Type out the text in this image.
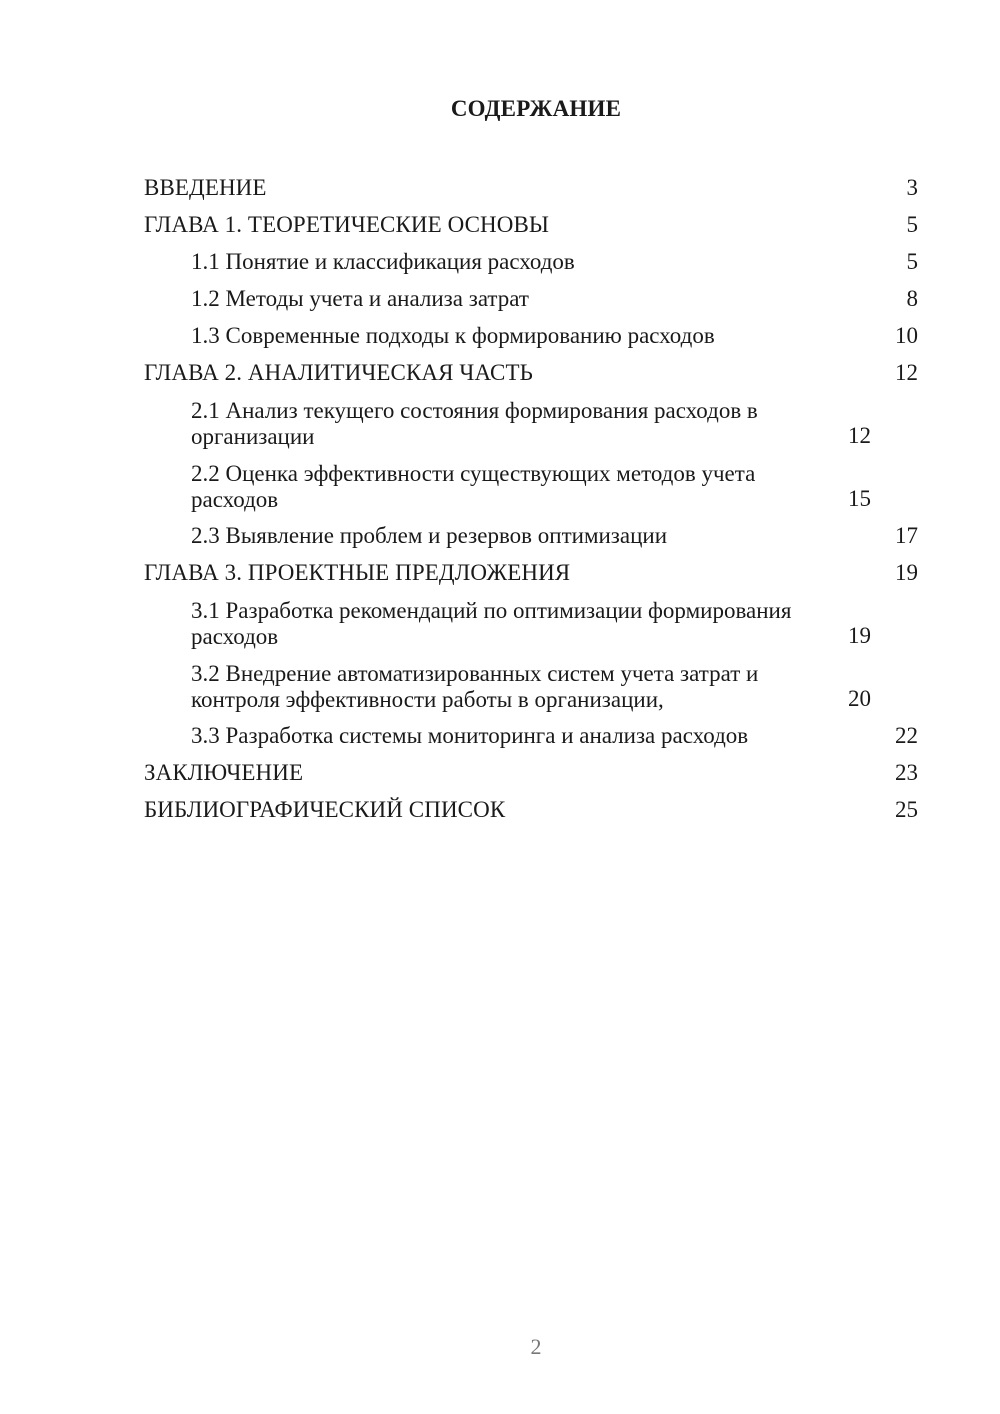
СОДЕРЖАНИЕ
ВВЕДЕНИЕ	3
ГЛАВА 1. ТЕОРЕТИЧЕСКИЕ ОСНОВЫ	5
1.1 Понятие и классификация расходов	5
1.2 Методы учета и анализа затрат	8
1.3 Современные подходы к формированию расходов	10
ГЛАВА 2. АНАЛИТИЧЕСКАЯ ЧАСТЬ	12
2.1 Анализ текущего состояния формирования расходов в организации	12
2.2 Оценка эффективности существующих методов учета расходов	15
2.3 Выявление проблем и резервов оптимизации	17
ГЛАВА 3. ПРОЕКТНЫЕ ПРЕДЛОЖЕНИЯ	19
3.1 Разработка рекомендаций по оптимизации формирования расходов	19
3.2 Внедрение автоматизированных систем учета затрат и контроля эффективности работы в организации,	20
3.3 Разработка системы мониторинга и анализа расходов	22
ЗАКЛЮЧЕНИЕ	23
БИБЛИОГРАФИЧЕСКИЙ СПИСОК	25
2
